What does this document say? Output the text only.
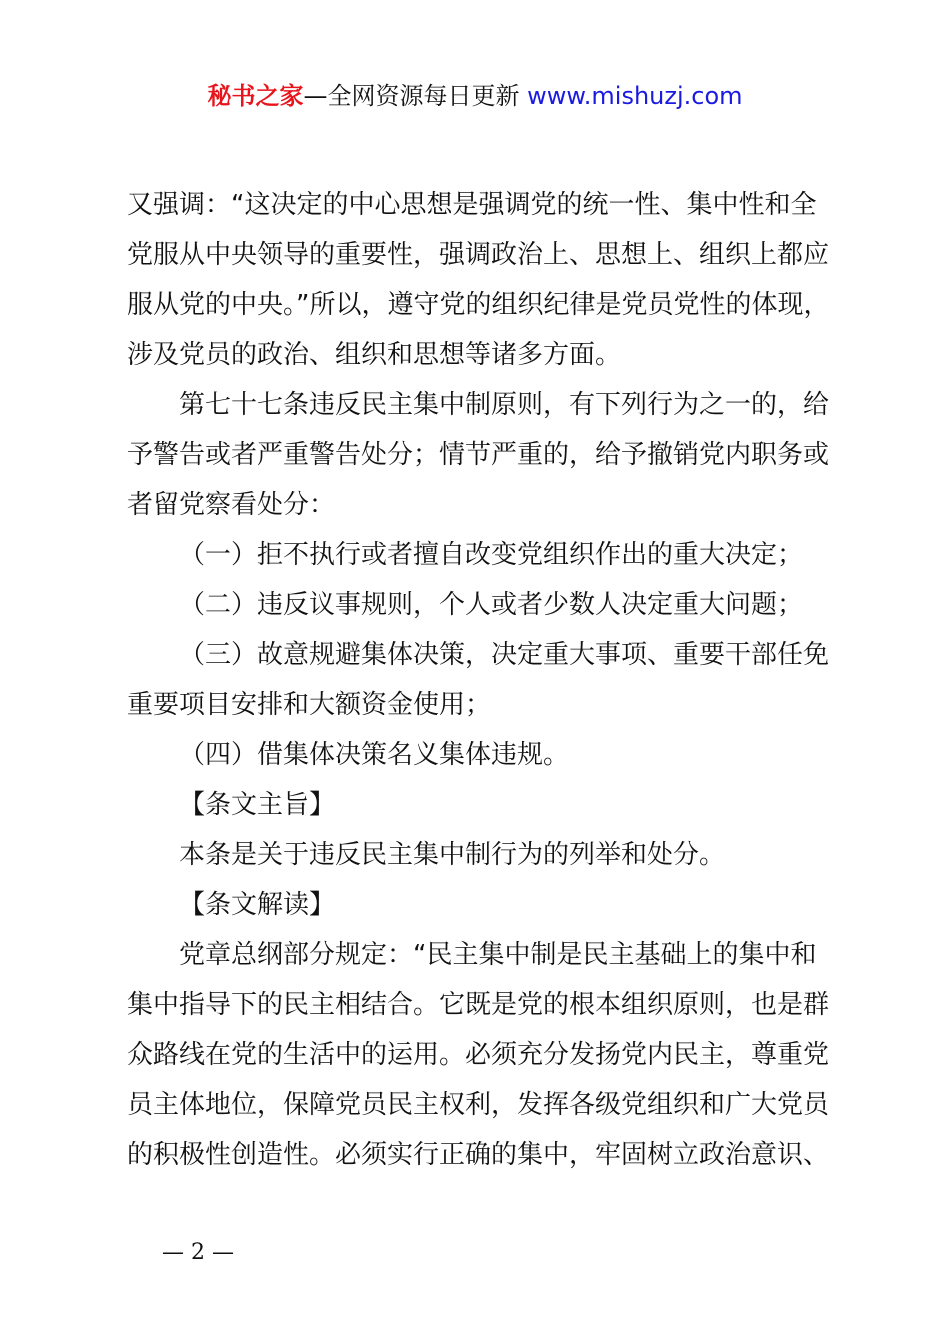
秘书之家—全网资源每日更新 www.mishuzj.com
又强调：“这决定的中心思想是强调党的统一性、集中性和全
党服从中央领导的重要性，强调政治上、思想上、组织上都应
服从党的中央。”所以，遵守党的组织纪律是党员党性的体现，
涉及党员的政治、组织和思想等诸多方面。
第七十七条违反民主集中制原则，有下列行为之一的，给
予警告或者严重警告处分；情节严重的，给予撤销党内职务或
者留党察看处分：
（一）拒不执行或者擅自改变党组织作出的重大决定；
（二）违反议事规则，个人或者少数人决定重大问题；
（三）故意规避集体决策，决定重大事项、重要干部任免
重要项目安排和大额资金使用；
（四）借集体决策名义集体违规。
【条文主旨】
本条是关于违反民主集中制行为的列举和处分。
【条文解读】
党章总纲部分规定：“民主集中制是民主基础上的集中和
集中指导下的民主相结合。它既是党的根本组织原则，也是群
众路线在党的生活中的运用。必须充分发扬党内民主，尊重党
员主体地位，保障党员民主权利，发挥各级党组织和广大党员
的积极性创造性。必须实行正确的集中，牢固树立政治意识、
— 2 —
